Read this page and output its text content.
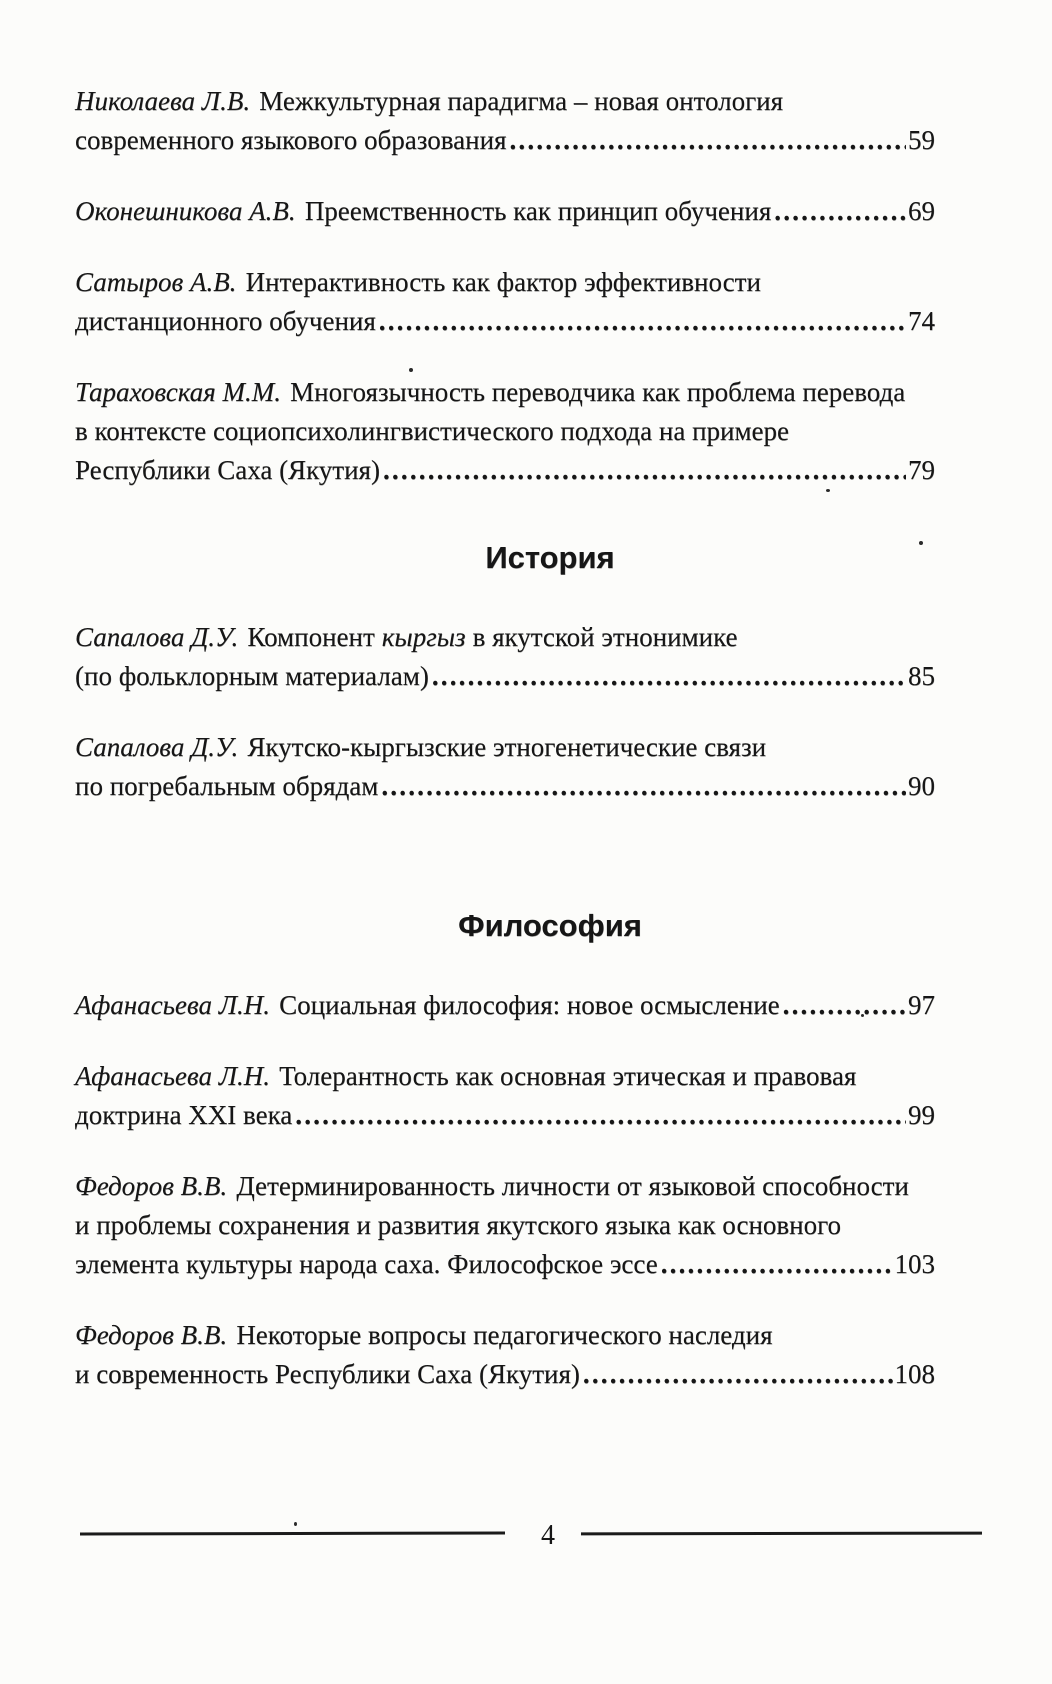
Николаева Л.В. Межкультурная парадигма – новая онтология
современного языкового образования .....	59
Оконешникова А.В. Преемственность как принцип обучения .....	69
Сатыров А.В. Интерактивность как фактор эффективности
дистанционного обучения .....	74
Тараховская М.М. Многоязычность переводчика как проблема перевода
в контексте социопсихолингвистического подхода на примере
Республики Саха (Якутия) .....	79
История
Сапалова Д.У. Компонент кыргыз в якутской этнонимике
(по фольклорным материалам) .....	85
Сапалова Д.У. Якутско-кыргызские этногенетические связи
по погребальным обрядам .....	90
Философия
Афанасьева Л.Н. Социальная философия: новое осмысление .....	97
Афанасьева Л.Н. Толерантность как основная этическая и правовая
доктрина XXI века .....	99
Федоров В.В. Детерминированность личности от языковой способности
и проблемы сохранения и развития якутского языка как основного
элемента культуры народа саха. Философское эссе .....	103
Федоров В.В. Некоторые вопросы педагогического наследия
и современность Республики Саха (Якутия) .....	108
4
